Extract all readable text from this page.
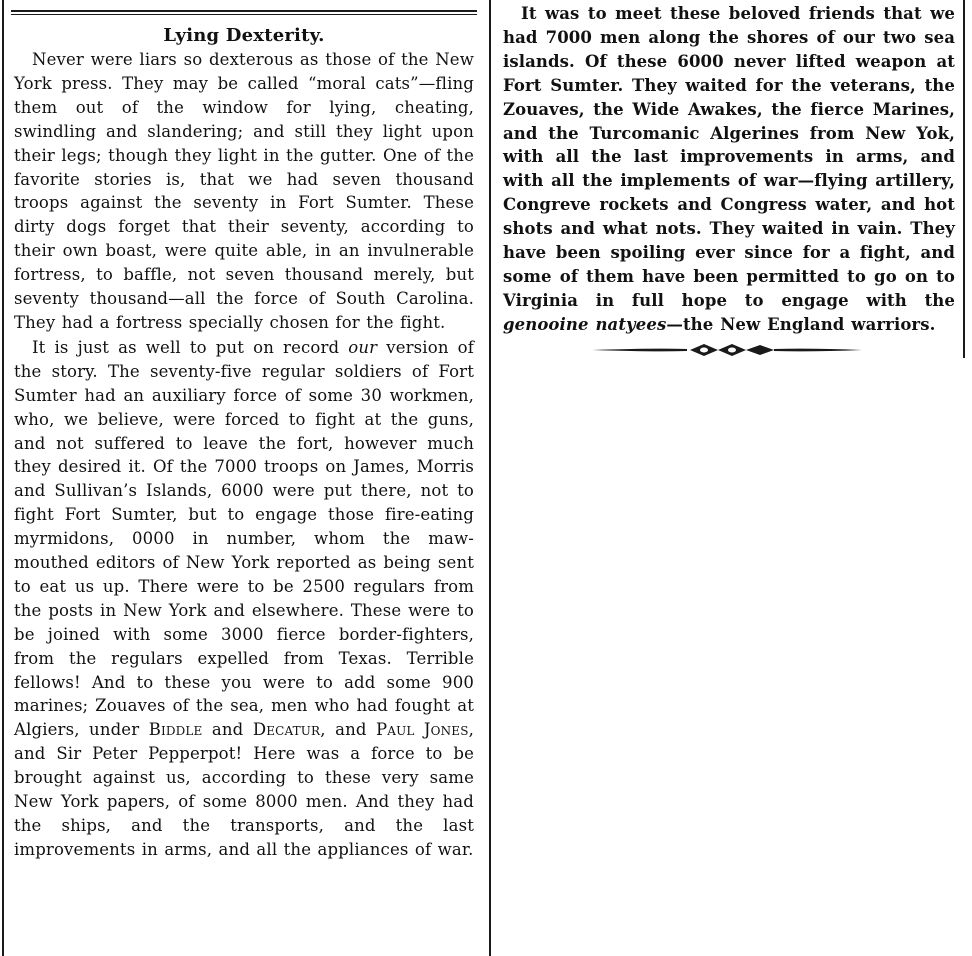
Lying Dexterity.

Never were liars so dexterous as those of the New York press. They may be called “moral cats”—fling them out of the window for lying, cheating, swindling and slandering; and still they light upon their legs; though they light in the gutter. One of the favorite stories is, that we had seven thousand troops against the seventy in Fort Sumter. These dirty dogs forget that their seventy, according to their own boast, were quite able, in an invulnerable fortress, to baffle, not seven thousand merely, but seventy thousand—all the force of South Carolina. They had a fortress specially chosen for the fight.

It is just as well to put on record our version of the story. The seventy-five regular soldiers of Fort Sumter had an auxiliary force of some 30 workmen, who, we believe, were forced to fight at the guns, and not suffered to leave the fort, however much they desired it. Of the 7000 troops on James, Morris and Sullivan’s Islands, 6000 were put there, not to fight Fort Sumter, but to engage those fire-eating myrmidons, 0000 in number, whom the maw-mouthed editors of New York reported as being sent to eat us up. There were to be 2500 regulars from the posts in New York and elsewhere. These were to be joined with some 3000 fierce border-fighters, from the regulars expelled from Texas. Terrible fellows! And to these you were to add some 900 marines; Zouaves of the sea, men who had fought at Algiers, under Biddle and Decatur, and Paul Jones, and Sir Peter Pepperpot! Here was a force to be brought against us, according to these very same New York papers, of some 8000 men. And they had the ships, and the transports, and the last improvements in arms, and all the appliances of war.

It was to meet these beloved friends that we had 7000 men along the shores of our two sea islands. Of these 6000 never lifted weapon at Fort Sumter. They waited for the veterans, the Zouaves, the Wide Awakes, the fierce Marines, and the Turcomanic Algerines from New Yok, with all the last improvements in arms, and with all the implements of war—flying artillery, Congreve rockets and Congress water, and hot shots and what nots. They waited in vain. They have been spoiling ever since for a fight, and some of them have been permitted to go on to Virginia in full hope to engage with the genooine natyees—the New England warriors.
